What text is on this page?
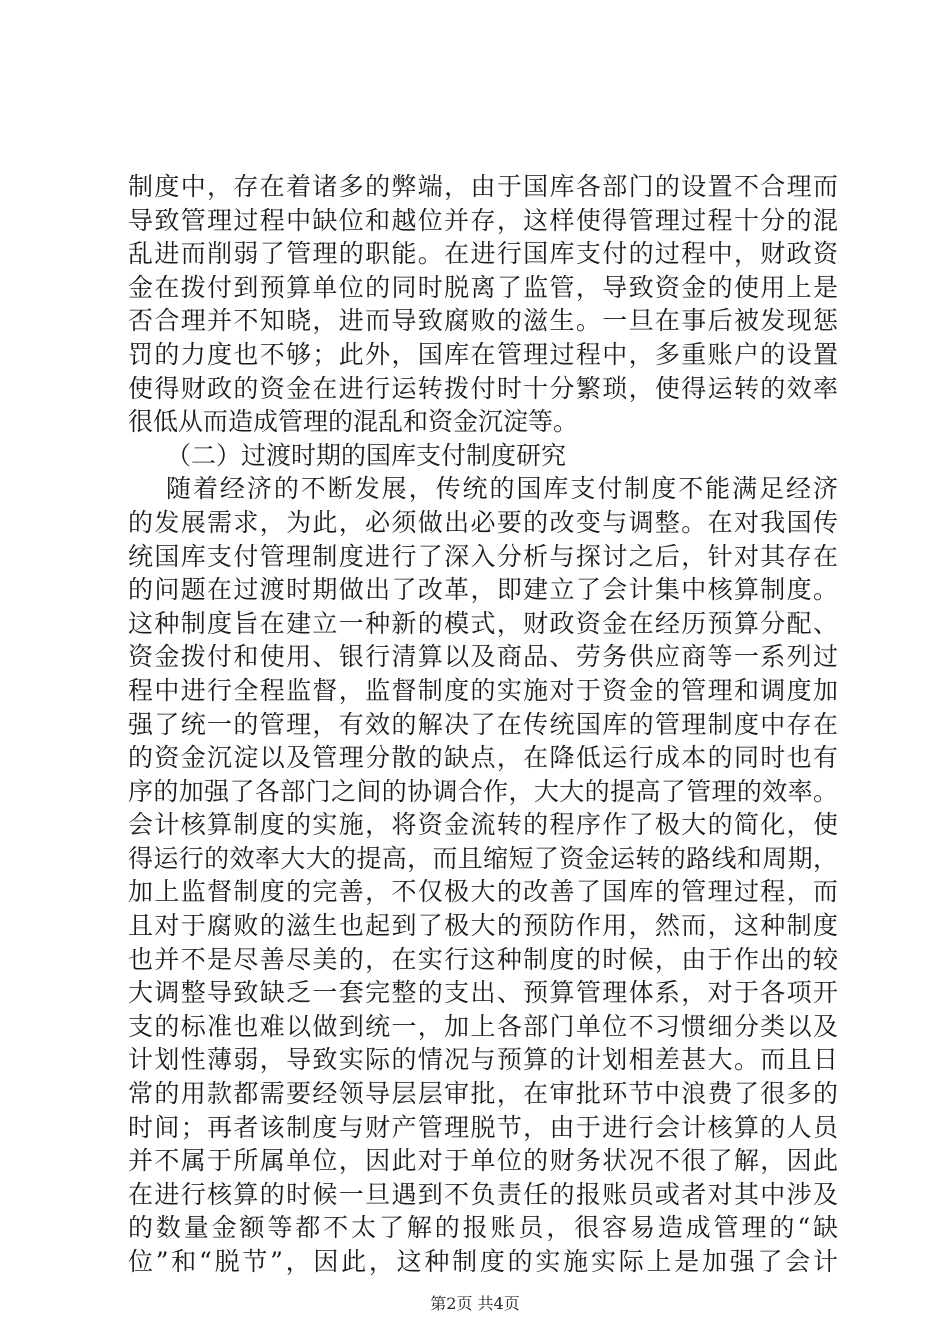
制度中，存在着诸多的弊端，由于国库各部门的设置不合理而
导致管理过程中缺位和越位并存，这样使得管理过程十分的混
乱进而削弱了管理的职能。在进行国库支付的过程中，财政资
金在拨付到预算单位的同时脱离了监管，导致资金的使用上是
否合理并不知晓，进而导致腐败的滋生。一旦在事后被发现惩
罚的力度也不够；此外，国库在管理过程中，多重账户的设置
使得财政的资金在进行运转拨付时十分繁琐，使得运转的效率
很低从而造成管理的混乱和资金沉淀等。
（二）过渡时期的国库支付制度研究
随着经济的不断发展，传统的国库支付制度不能满足经济
的发展需求，为此，必须做出必要的改变与调整。在对我国传
统国库支付管理制度进行了深入分析与探讨之后，针对其存在
的问题在过渡时期做出了改革，即建立了会计集中核算制度。
这种制度旨在建立一种新的模式，财政资金在经历预算分配、
资金拨付和使用、银行清算以及商品、劳务供应商等一系列过
程中进行全程监督，监督制度的实施对于资金的管理和调度加
强了统一的管理，有效的解决了在传统国库的管理制度中存在
的资金沉淀以及管理分散的缺点，在降低运行成本的同时也有
序的加强了各部门之间的协调合作，大大的提高了管理的效率。
会计核算制度的实施，将资金流转的程序作了极大的简化，使
得运行的效率大大的提高，而且缩短了资金运转的路线和周期，
加上监督制度的完善，不仅极大的改善了国库的管理过程，而
且对于腐败的滋生也起到了极大的预防作用，然而，这种制度
也并不是尽善尽美的，在实行这种制度的时候，由于作出的较
大调整导致缺乏一套完整的支出、预算管理体系，对于各项开
支的标准也难以做到统一，加上各部门单位不习惯细分类以及
计划性薄弱，导致实际的情况与预算的计划相差甚大。而且日
常的用款都需要经领导层层审批，在审批环节中浪费了很多的
时间；再者该制度与财产管理脱节，由于进行会计核算的人员
并不属于所属单位，因此对于单位的财务状况不很了解，因此
在进行核算的时候一旦遇到不负责任的报账员或者对其中涉及
的数量金额等都不太了解的报账员，很容易造成管理的“缺
位”和“脱节”，因此，这种制度的实施实际上是加强了会计
第2页 共4页
